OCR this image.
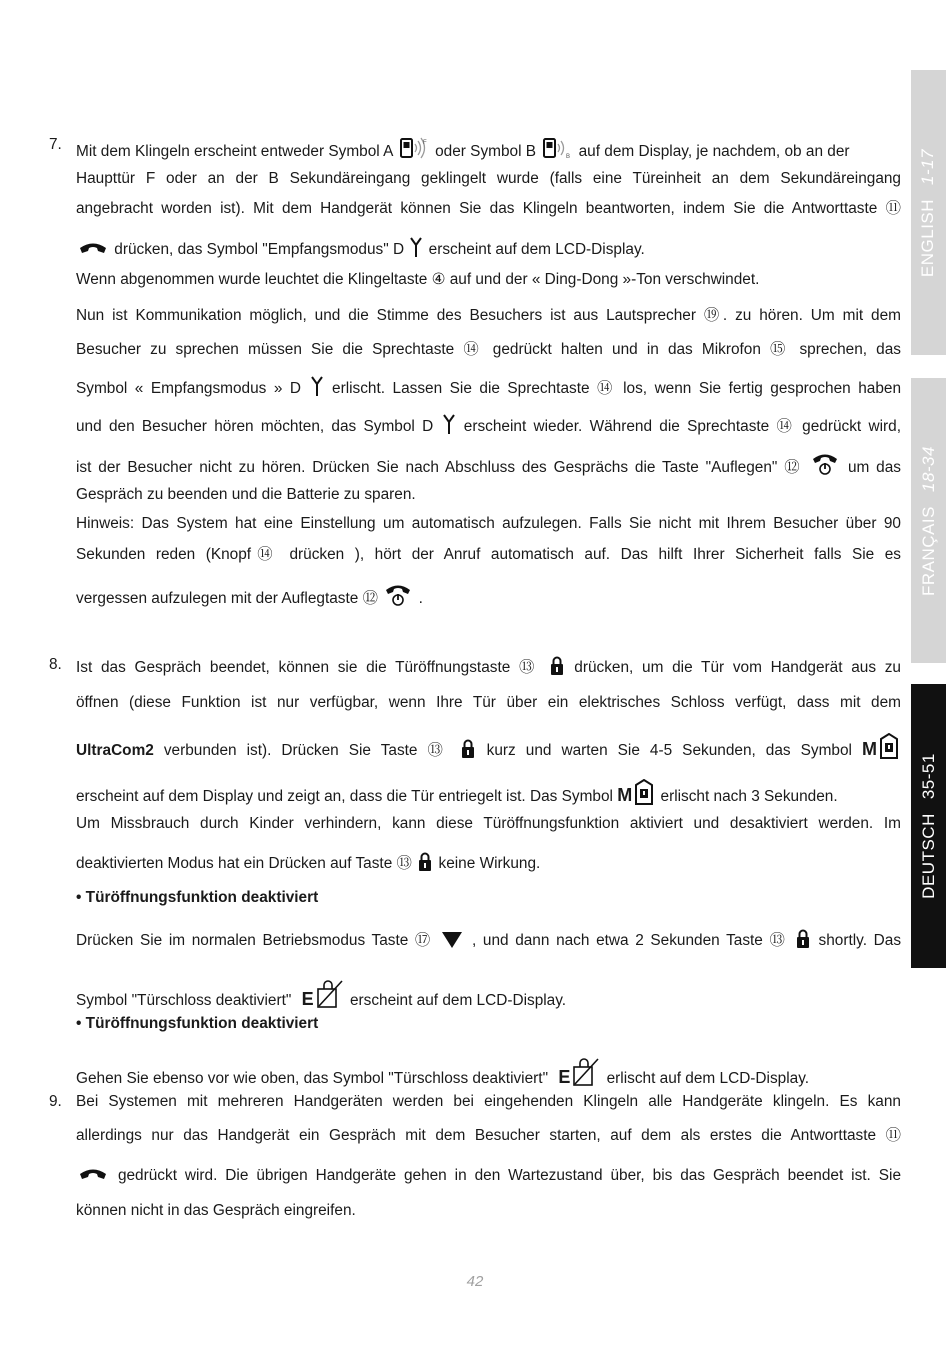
ENGLISH1-17
FRANÇAIS18-34
DEUTSCH35-51
7. Mit dem Klingeln erscheint entweder Symbol A	F oder Symbol B	B auf dem Display, je nachdem, ob an der
Haupttür F oder an der B Sekundäreingang geklingelt wurde (falls eine Türeinheit an dem Sekundäreingang
angebracht worden ist). Mit dem Handgerät können Sie das Klingeln beantworten, indem Sie die Antworttaste ⑪
drücken, das Symbol "Empfangsmodus" D erscheint auf dem LCD-Display.
Wenn abgenommen wurde leuchtet die Klingeltaste ④ auf und der « Ding-Dong »-Ton verschwindet.
Nun ist Kommunikation möglich, und die Stimme des Besuchers ist aus Lautsprecher ⑲. zu hören. Um mit dem
Besucher zu sprechen müssen Sie die Sprechtaste ⑭ gedrückt halten und in das Mikrofon ⑮ sprechen, das
Symbol « Empfangsmodus » D erlischt. Lassen Sie die Sprechtaste ⑭ los, wenn Sie fertig gesprochen haben
und den Besucher hören möchten, das Symbol D erscheint wieder. Während die Sprechtaste ⑭ gedrückt wird,
ist der Besucher nicht zu hören. Drücken Sie nach Abschluss des Gesprächs die Taste "Auflegen" ⑫	um das
Gespräch zu beenden und die Batterie zu sparen.
Hinweis: Das System hat eine Einstellung um automatisch aufzulegen. Falls Sie nicht mit Ihrem Besucher über 90
Sekunden reden (Knopf⑭ drücken ), hört der Anruf automatisch auf. Das hilft Ihrer Sicherheit falls Sie es
vergessen aufzulegen mit der Auflegtaste ⑫	.
8. Ist das Gespräch beendet, können sie die Türöffnungstaste ⑬ drücken, um die Tür vom Handgerät aus zu
öffnen (diese Funktion ist nur verfügbar, wenn Ihre Tür über ein elektrisches Schloss verfügt, dass mit dem
UltraCom2 verbunden ist). Drücken Sie Taste ⑬ kurz und warten Sie 4-5 Sekunden, das Symbol M
erscheint auf dem Display und zeigt an, dass die Tür entriegelt ist. Das Symbol M erlischt nach 3 Sekunden.
Um Missbrauch durch Kinder verhindern, kann diese Türöffnungsfunktion aktiviert und desaktiviert werden. Im
deaktivierten Modus hat ein Drücken auf Taste ⑬ keine Wirkung.
• Türöffnungsfunktion deaktiviert
Drücken Sie im normalen Betriebsmodus Taste ⑰	, und dann nach etwa 2 Sekunden Taste ⑬ shortly. Das
Symbol "Türschloss deaktiviert" E erscheint auf dem LCD-Display.
• Türöffnungsfunktion deaktiviert
Gehen Sie ebenso vor wie oben, das Symbol "Türschloss deaktiviert" E erlischt auf dem LCD-Display.
9. Bei Systemen mit mehreren Handgeräten werden bei eingehenden Klingeln alle Handgeräte klingeln. Es kann
allerdings nur das Handgerät ein Gespräch mit dem Besucher starten, auf dem als erstes die Antworttaste ⑪
gedrückt wird. Die übrigen Handgeräte gehen in den Wartezustand über, bis das Gespräch beendet ist. Sie
können nicht in das Gespräch eingreifen.
42
